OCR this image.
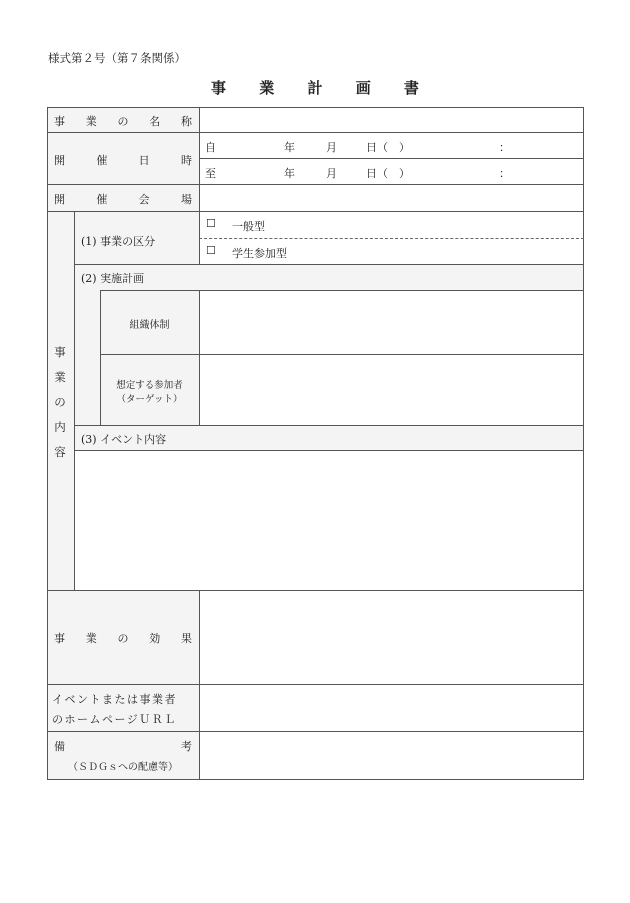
様式第２号（第７条関係）
事 業 計 画 書
事 業 の 名 称
開	催	日	時
自	年	月	日（　）	：
至	年	月	日（　）	：
開	催	会	場
事
業
の
内
容
(1) 事業の区分
☐ 一般型
☐ 学生参加型
(2) 実施計画
組織体制
想定する参加者
（ターゲット）
(3) イベント内容
事 業 の 効 果
イベントまたは事業者
のホームページＵＲＬ
備	考
（ＳＤＧｓへの配慮等）
